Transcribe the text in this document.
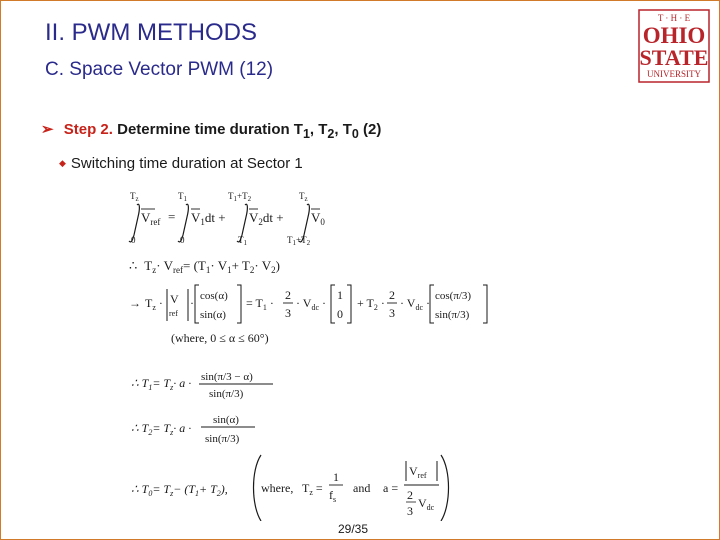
II. PWM METHODS
C. Space Vector PWM (12)
T · H · E
OHIO
STATE
UNIVERSITY
➢ Step 2. Determine time duration $T_1$, $T_2$, $T_0$ (2)
◆ Switching time duration at Sector 1
$T_z$	$T_1$	$T_1+T_2$	$T_z$
$V_{ref} = V_1dt + V_2dt + V_0$
0	0	$T_1$	$T_1+T_2$
∴ $T_z\cdot V_{ref}= (T_1\cdot V_1+ T_2\cdot V_2)$
→ $T_z \cdot V$
ref
· cos(α)
sin(α)
= $T_1$ ·
2
3
· $V_{dc}$ ·
1
0
+ $T_2$ ·
2
3
· $V_{dc} \cdot \cos(\pi/3)$
sin(π/3)
(where, 0 ≤ α ≤ 60°)
∴ $T_1= T_z\cdot a \cdot \sin(\pi/3 - \alpha)$
sin(π/3)
∴ $T_2= T_z\cdot a$ ·
sin(α)
sin(π/3)
∴ $T_0= T_z- (T_1+ T_2)$,	where, $T_z$ =
1
$f_s$
and a =
$V_{ref}$
2
3
$V_{dc}$
29/35
